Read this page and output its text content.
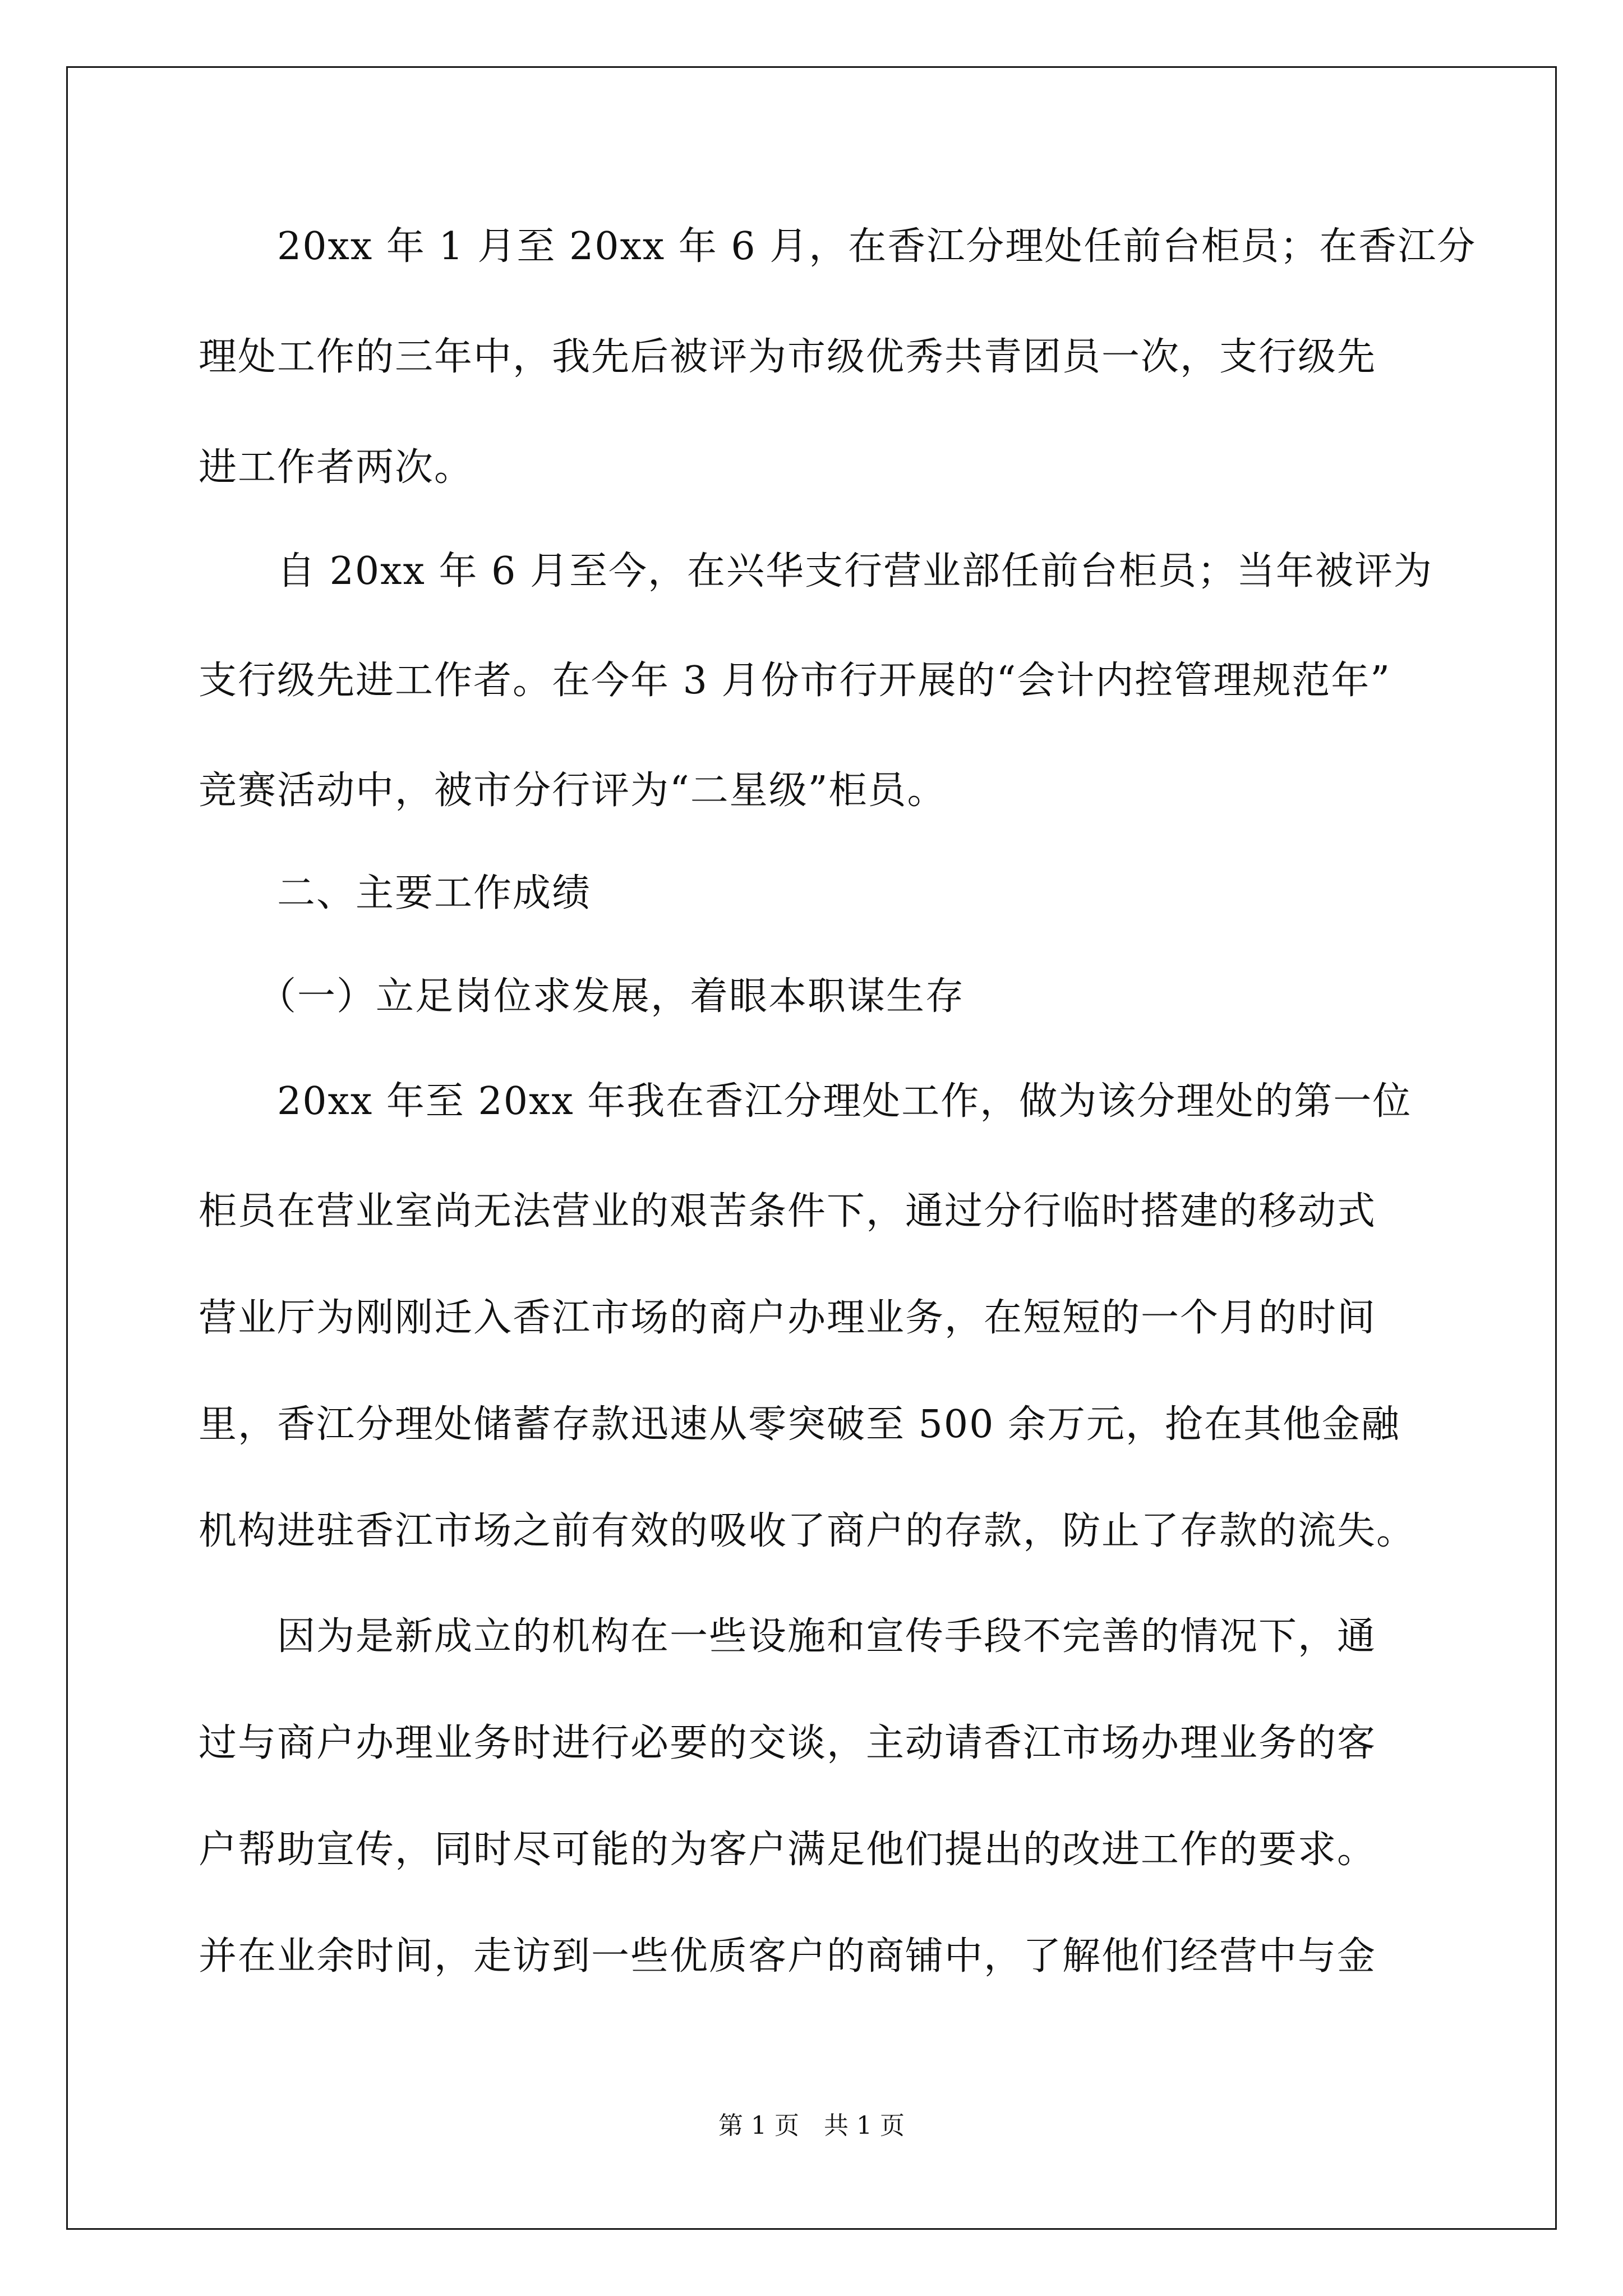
　　20xx 年 1 月至 20xx 年 6 月，在香江分理处任前台柜员；在香江分
理处工作的三年中，我先后被评为市级优秀共青团员一次，支行级先
进工作者两次。
　　自 20xx 年 6 月至今，在兴华支行营业部任前台柜员；当年被评为
支行级先进工作者。在今年 3 月份市行开展的“会计内控管理规范年”
竞赛活动中，被市分行评为“二星级”柜员。
　　二、主要工作成绩
　　（一）立足岗位求发展，着眼本职谋生存
　　20xx 年至 20xx 年我在香江分理处工作，做为该分理处的第一位
柜员在营业室尚无法营业的艰苦条件下，通过分行临时搭建的移动式
营业厅为刚刚迁入香江市场的商户办理业务，在短短的一个月的时间
里，香江分理处储蓄存款迅速从零突破至 500 余万元，抢在其他金融
机构进驻香江市场之前有效的吸收了商户的存款，防止了存款的流失。
　　因为是新成立的机构在一些设施和宣传手段不完善的情况下，通
过与商户办理业务时进行必要的交谈，主动请香江市场办理业务的客
户帮助宣传，同时尽可能的为客户满足他们提出的改进工作的要求。
并在业余时间，走访到一些优质客户的商铺中，了解他们经营中与金
第 1 页　共 1 页
